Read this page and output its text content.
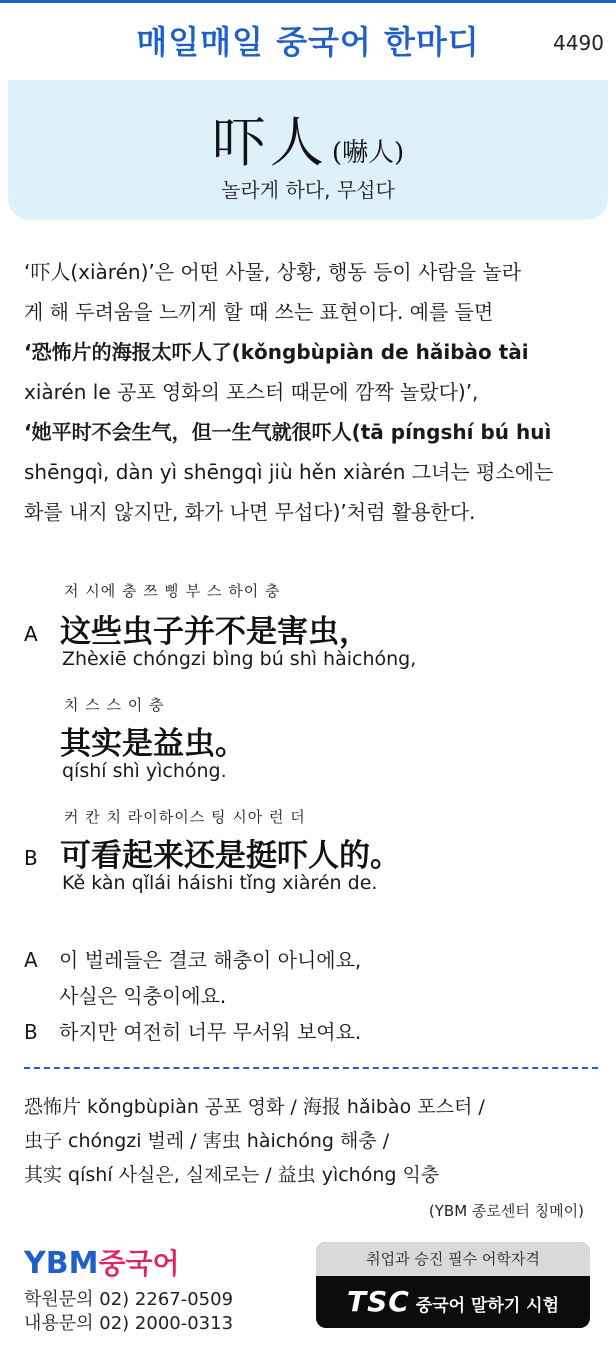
매일매일 중국어 한마디	4490
吓人 (嚇人)
놀라게 하다, 무섭다
‘吓人(xiàrén)’은 어떤 사물, 상황, 행동 등이 사람을 놀라
게 해 두려움을 느끼게 할 때 쓰는 표현이다. 예를 들면
‘恐怖片的海报太吓人了(kǒngbùpiàn de hǎibào tài
xiàrén le 공포 영화의 포스터 때문에 깜짝 놀랐다)’,
‘她平时不会生气，但一生气就很吓人(tā píngshí bú huì
shēngqì, dàn yì shēngqì jiù hěn xiàrén 그녀는 평소에는
화를 내지 않지만, 화가 나면 무섭다)’처럼 활용한다.
저 시에 충 쯔 삥 부 스 하이 충
A 这些虫子并不是害虫，
Zhèxiē chóngzi bìng bú shì hàichóng,
치 스 스 이 충
其实是益虫。
qíshí shì yìchóng.
커 칸 치 라이하이스 팅 시아 런 더
B 可看起来还是挺吓人的。
Kě kàn qǐlái háishi tǐng xiàrén de.
A 이 벌레들은 결코 해충이 아니에요,
사실은 익충이에요.
B 하지만 여전히 너무 무서워 보여요.
恐怖片 kǒngbùpiàn 공포 영화 / 海报 hǎibào 포스터 /
虫子 chóngzi 벌레 / 害虫 hàichóng 해충 /
其实 qíshí 사실은, 실제로는 / 益虫 yìchóng 익충
(YBM 종로센터 칭메이)
YBM중국어
학원문의 02) 2267-0509
내용문의 02) 2000-0313
취업과 승진 필수 어학자격
TSC 중국어 말하기 시험
